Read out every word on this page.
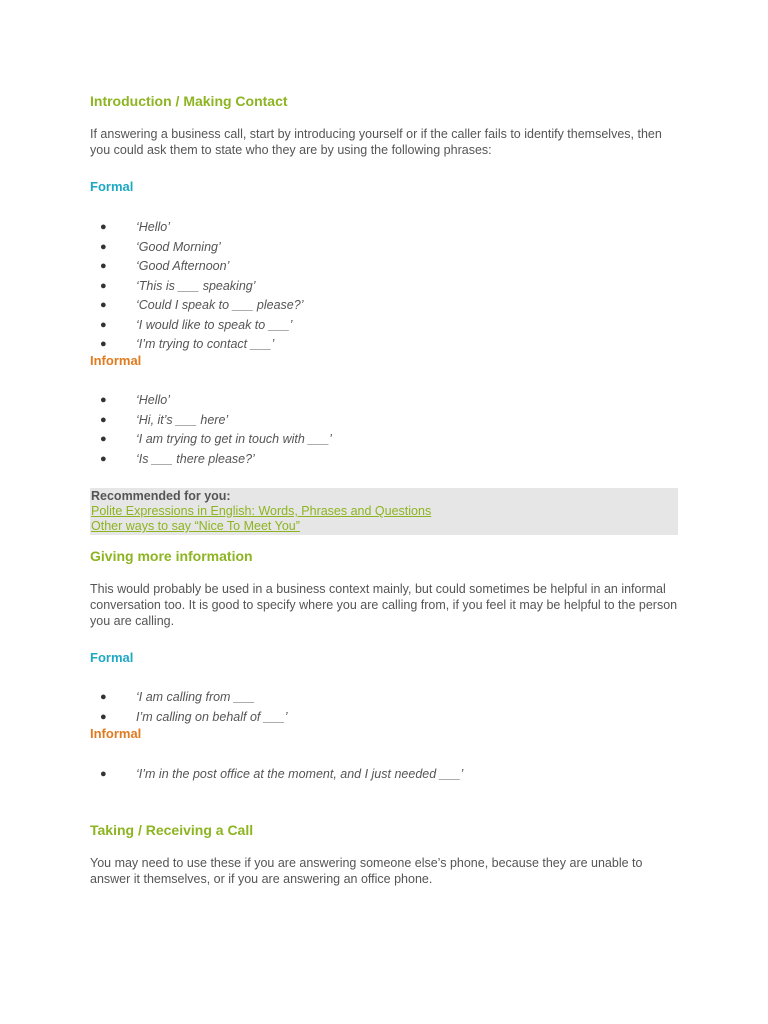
Introduction / Making Contact
If answering a business call, start by introducing yourself or if the caller fails to identify themselves, then you could ask them to state who they are by using the following phrases:
Formal
● ‘Hello’
● ‘Good Morning’
● ‘Good Afternoon’
● ‘This is ___ speaking’
● ‘Could I speak to ___ please?’
● ‘I would like to speak to ___’
● ‘I’m trying to contact ___’
Informal
● ‘Hello’
● ‘Hi, it’s ___ here’
● ‘I am trying to get in touch with ___’
● ‘Is ___ there please?’
Recommended for you:
Polite Expressions in English: Words, Phrases and Questions
Other ways to say “Nice To Meet You”
Giving more information
This would probably be used in a business context mainly, but could sometimes be helpful in an informal conversation too. It is good to specify where you are calling from, if you feel it may be helpful to the person you are calling.
Formal
● ‘I am calling from ___
● I’m calling on behalf of ___’
Informal
● ‘I’m in the post office at the moment, and I just needed ___’
Taking / Receiving a Call
You may need to use these if you are answering someone else’s phone, because they are unable to answer it themselves, or if you are answering an office phone.
